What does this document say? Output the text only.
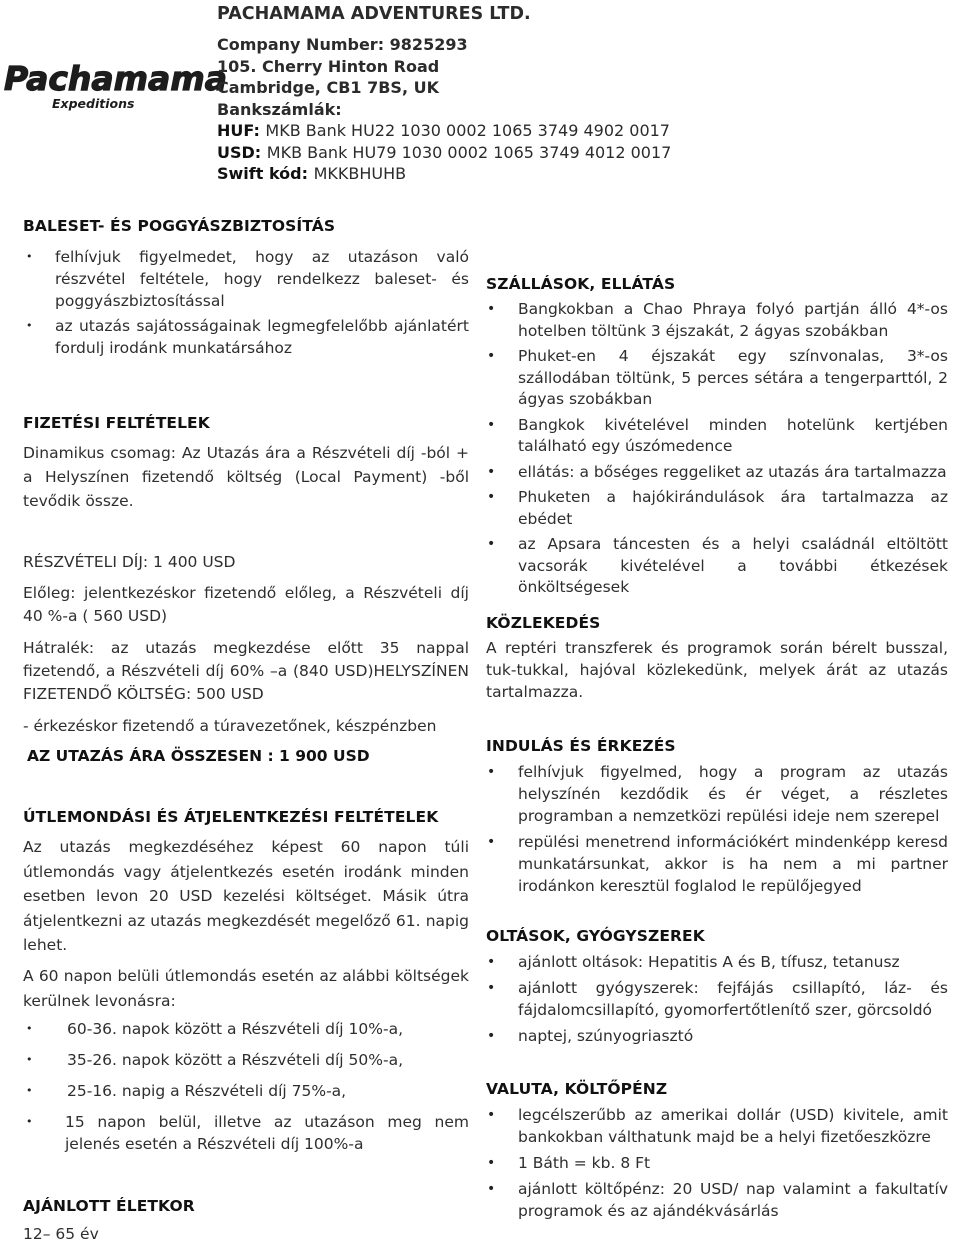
Pachamama
Expeditions
PACHAMAMA ADVENTURES LTD.
Company Number: 9825293
105. Cherry Hinton Road
Cambridge, CB1 7BS, UK
Bankszámlák:
HUF: MKB Bank HU22 1030 0002 1065 3749 4902 0017
USD: MKB Bank HU79 1030 0002 1065 3749 4012 0017
Swift kód: MKKBHUHB
BALESET- ÉS POGGYÁSZBIZTOSÍTÁS
• felhívjuk figyelmedet, hogy az utazáson való részvétel feltétele, hogy rendelkezz baleset- és poggyászbiztosítással
• az utazás sajátosságainak legmegfelelőbb ajánlatért fordulj irodánk munkatársához
FIZETÉSI FELTÉTELEK
Dinamikus csomag: Az Utazás ára a Részvételi díj -ból + a Helyszínen fizetendő költség (Local Payment) -ből tevődik össze.
RÉSZVÉTELI DÍJ: 1 400 USD
Előleg: jelentkezéskor fizetendő előleg, a Részvételi díj 40 %-a ( 560 USD)
Hátralék: az utazás megkezdése előtt 35 nappal fizetendő, a Részvételi díj 60% –a (840 USD)HELYSZÍNEN FIZETENDŐ KÖLTSÉG: 500 USD
- érkezéskor fizetendő a túravezetőnek, készpénzben
AZ UTAZÁS ÁRA ÖSSZESEN : 1 900 USD
ÚTLEMONDÁSI ÉS ÁTJELENTKEZÉSI FELTÉTELEK
Az utazás megkezdéséhez képest 60 napon túli útlemondás vagy átjelentkezés esetén irodánk minden esetben levon 20 USD kezelési költséget. Másik útra átjelentkezni az utazás megkezdését megelőző 61. napig lehet.
A 60 napon belüli útlemondás esetén az alábbi költségek kerülnek levonásra:
• 60-36. napok között a Részvételi díj 10%-a,
• 35-26. napok között a Részvételi díj 50%-a,
• 25-16. napig a Részvételi díj 75%-a,
• 15 napon belül, illetve az utazáson meg nem jelenés esetén a Részvételi díj 100%-a
AJÁNLOTT ÉLETKOR
12– 65 év
SZÁLLÁSOK, ELLÁTÁS
• Bangkokban a Chao Phraya folyó partján álló 4*-os hotelben töltünk 3 éjszakát, 2 ágyas szobákban
• Phuket-en 4 éjszakát egy színvonalas, 3*-os szállodában töltünk, 5 perces sétára a tengerparttól, 2 ágyas szobákban
• Bangkok kivételével minden hotelünk kertjében található egy úszómedence
• ellátás: a bőséges reggeliket az utazás ára tartalmazza
• Phuketen a hajókirándulások ára tartalmazza az ebédet
• az Apsara táncesten és a helyi családnál eltöltött vacsorák kivételével a további étkezések önköltségesek
KÖZLEKEDÉS
A reptéri transzferek és programok során bérelt busszal, tuk-tukkal, hajóval közlekedünk, melyek árát az utazás tartalmazza.
INDULÁS ÉS ÉRKEZÉS
• felhívjuk figyelmed, hogy a program az utazás helyszínén kezdődik és ér véget, a részletes programban a nemzetközi repülési ideje nem szerepel
• repülési menetrend információkért mindenképp keresd munkatársunkat, akkor is ha nem a mi partner irodánkon keresztül foglalod le repülőjegyed
OLTÁSOK, GYÓGYSZEREK
• ajánlott oltások: Hepatitis A és B, tífusz, tetanusz
• ajánlott gyógyszerek: fejfájás csillapító, láz- és fájdalomcsillapító, gyomorfertőtlenítő szer, görcsoldó
• naptej, szúnyogriasztó
VALUTA, KÖLTŐPÉNZ
• legcélszerűbb az amerikai dollár (USD) kivitele, amit bankokban válthatunk majd be a helyi fizetőeszközre
• 1 Báth = kb. 8 Ft
• ajánlott költőpénz: 20 USD/ nap valamint a fakultatív programok és az ajándékvásárlás
